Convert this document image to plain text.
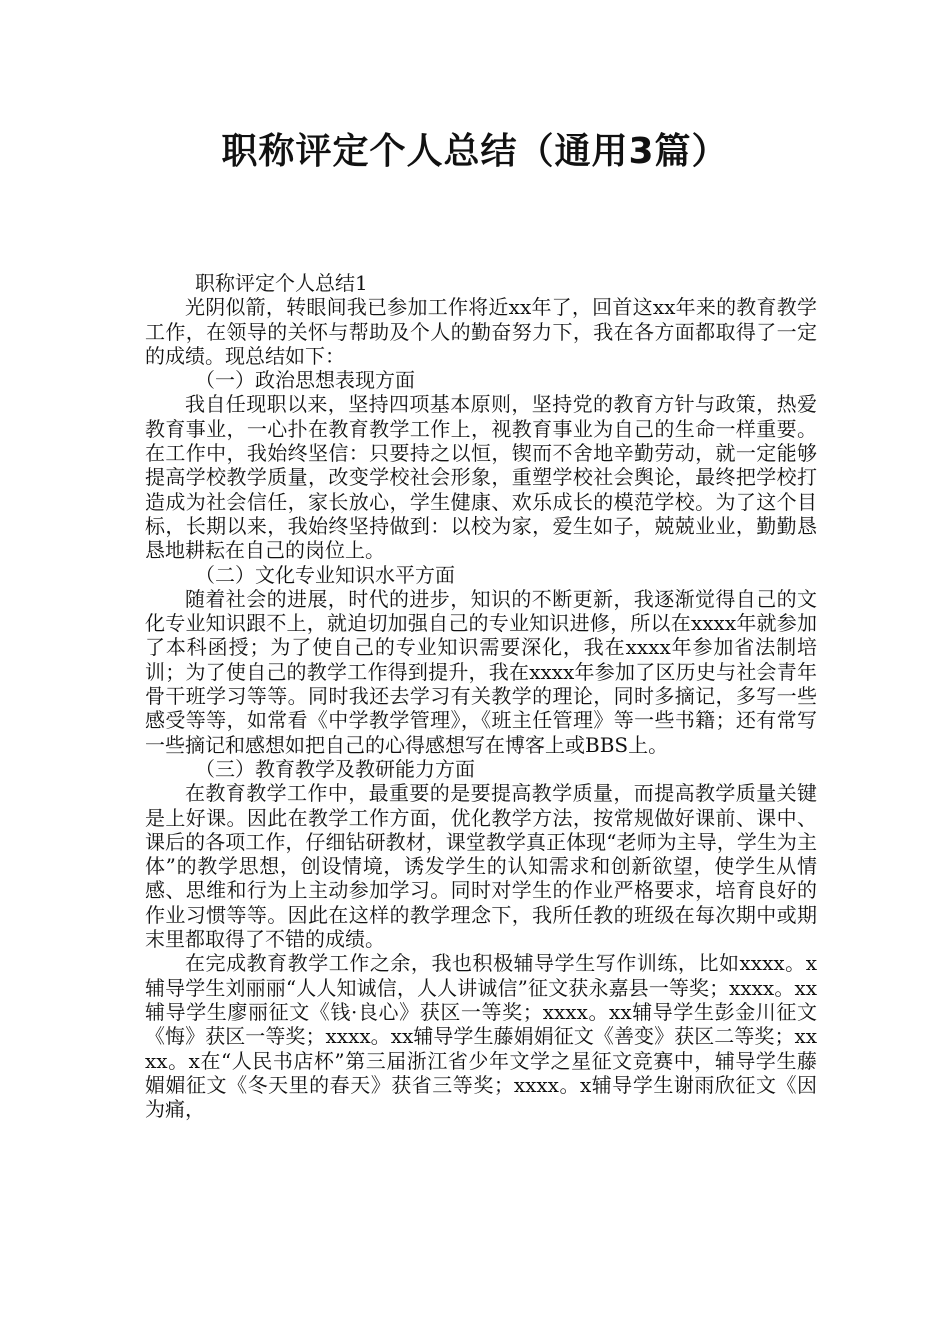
职称评定个人总结（通用3篇）

职称评定个人总结1

光阴似箭，转眼间我已参加工作将近xx年了，回首这xx年来的教育教学工作，在领导的关怀与帮助及个人的勤奋努力下，我在各方面都取得了一定的成绩。现总结如下：

（一）政治思想表现方面

我自任现职以来，坚持四项基本原则，坚持党的教育方针与政策，热爱教育事业，一心扑在教育教学工作上，视教育事业为自己的生命一样重要。在工作中，我始终坚信：只要持之以恒，锲而不舍地辛勤劳动，就一定能够提高学校教学质量，改变学校社会形象，重塑学校社会舆论，最终把学校打造成为社会信任，家长放心，学生健康、欢乐成长的模范学校。为了这个目标，长期以来，我始终坚持做到：以校为家，爱生如子，兢兢业业，勤勤恳恳地耕耘在自己的岗位上。

（二）文化专业知识水平方面

随着社会的进展，时代的进步，知识的不断更新，我逐渐觉得自己的文化专业知识跟不上，就迫切加强自己的专业知识进修，所以在xxxx年就参加了本科函授；为了使自己的专业知识需要深化，我在xxxx年参加省法制培训；为了使自己的教学工作得到提升，我在xxxx年参加了区历史与社会青年骨干班学习等等。同时我还去学习有关教学的理论，同时多摘记，多写一些感受等等，如常看《中学教学管理》，《班主任管理》等一些书籍；还有常写一些摘记和感想如把自己的心得感想写在博客上或BBS上。

（三）教育教学及教研能力方面

在教育教学工作中，最重要的是要提高教学质量，而提高教学质量关键是上好课。因此在教学工作方面，优化教学方法，按常规做好课前、课中、课后的各项工作，仔细钻研教材，课堂教学真正体现“老师为主导，学生为主体”的教学思想，创设情境，诱发学生的认知需求和创新欲望，使学生从情感、思维和行为上主动参加学习。同时对学生的作业严格要求，培育良好的作业习惯等等。因此在这样的教学理念下，我所任教的班级在每次期中或期末里都取得了不错的成绩。

在完成教育教学工作之余，我也积极辅导学生写作训练，比如xxxx。x辅导学生刘丽丽“人人知诚信，人人讲诚信”征文获永嘉县一等奖；xxxx。xx辅导学生廖丽征文《钱·良心》获区一等奖；xxxx。xx辅导学生彭金川征文《悔》获区一等奖；xxxx。xx辅导学生藤娟娟征文《善变》获区二等奖；xxxx。x在“人民书店杯”第三届浙江省少年文学之星征文竞赛中，辅导学生藤媚媚征文《冬天里的春天》获省三等奖；xxxx。x辅导学生谢雨欣征文《因为痛，
